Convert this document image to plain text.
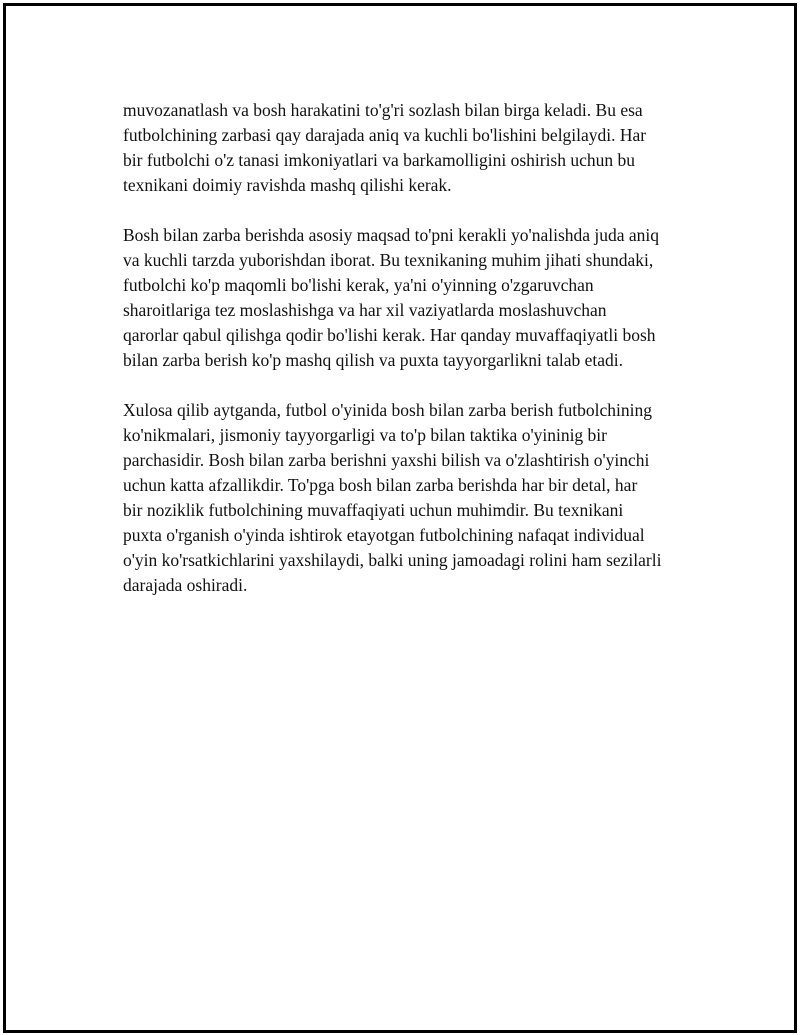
muvozanatlash va bosh harakatini to'g'ri sozlash bilan birga keladi. Bu esa
futbolchining zarbasi qay darajada aniq va kuchli bo'lishini belgilaydi. Har
bir futbolchi o'z tanasi imkoniyatlari va barkamolligini oshirish uchun bu
texnikani doimiy ravishda mashq qilishi kerak.

Bosh bilan zarba berishda asosiy maqsad to'pni kerakli yo'nalishda juda aniq
va kuchli tarzda yuborishdan iborat. Bu texnikaning muhim jihati shundaki,
futbolchi ko'p maqomli bo'lishi kerak, ya'ni o'yinning o'zgaruvchan
sharoitlariga tez moslashishga va har xil vaziyatlarda moslashuvchan
qarorlar qabul qilishga qodir bo'lishi kerak. Har qanday muvaffaqiyatli bosh
bilan zarba berish ko'p mashq qilish va puxta tayyorgarlikni talab etadi.

Xulosa qilib aytganda, futbol o'yinida bosh bilan zarba berish futbolchining
ko'nikmalari, jismoniy tayyorgarligi va to'p bilan taktika o'yininig bir
parchasidir. Bosh bilan zarba berishni yaxshi bilish va o'zlashtirish o'yinchi
uchun katta afzallikdir. To'pga bosh bilan zarba berishda har bir detal, har
bir noziklik futbolchining muvaffaqiyati uchun muhimdir. Bu texnikani
puxta o'rganish o'yinda ishtirok etayotgan futbolchining nafaqat individual
o'yin ko'rsatkichlarini yaxshilaydi, balki uning jamoadagi rolini ham sezilarli
darajada oshiradi.
